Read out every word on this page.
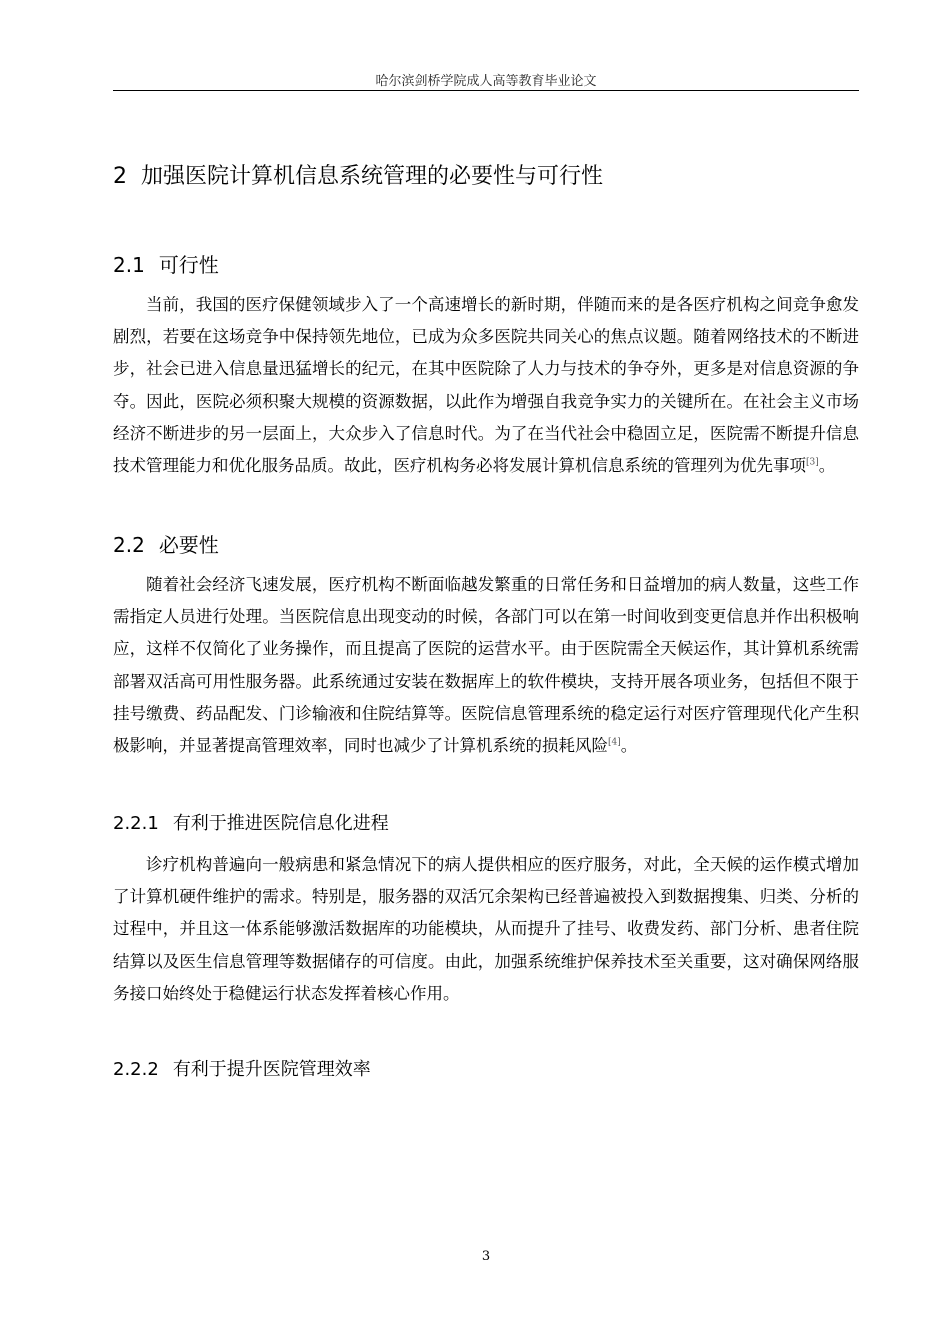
哈尔滨剑桥学院成人高等教育毕业论文
2 加强医院计算机信息系统管理的必要性与可行性
2.1 可行性
当前，我国的医疗保健领域步入了一个高速增长的新时期，伴随而来的是各医疗机构之间竞争愈发剧烈，若要在这场竞争中保持领先地位，已成为众多医院共同关心的焦点议题。随着网络技术的不断进步，社会已进入信息量迅猛增长的纪元，在其中医院除了人力与技术的争夺外，更多是对信息资源的争夺。因此，医院必须积聚大规模的资源数据，以此作为增强自我竞争实力的关键所在。在社会主义市场经济不断进步的另一层面上，大众步入了信息时代。为了在当代社会中稳固立足，医院需不断提升信息技术管理能力和优化服务品质。故此，医疗机构务必将发展计算机信息系统的管理列为优先事项[3]。
2.2 必要性
随着社会经济飞速发展，医疗机构不断面临越发繁重的日常任务和日益增加的病人数量，这些工作需指定人员进行处理。当医院信息出现变动的时候，各部门可以在第一时间收到变更信息并作出积极响应，这样不仅简化了业务操作，而且提高了医院的运营水平。由于医院需全天候运作，其计算机系统需部署双活高可用性服务器。此系统通过安装在数据库上的软件模块，支持开展各项业务，包括但不限于挂号缴费、药品配发、门诊输液和住院结算等。医院信息管理系统的稳定运行对医疗管理现代化产生积极影响，并显著提高管理效率，同时也减少了计算机系统的损耗风险[4]。
2.2.1 有利于推进医院信息化进程
诊疗机构普遍向一般病患和紧急情况下的病人提供相应的医疗服务，对此，全天候的运作模式增加了计算机硬件维护的需求。特别是，服务器的双活冗余架构已经普遍被投入到数据搜集、归类、分析的过程中，并且这一体系能够激活数据库的功能模块，从而提升了挂号、收费发药、部门分析、患者住院结算以及医生信息管理等数据储存的可信度。由此，加强系统维护保养技术至关重要，这对确保网络服务接口始终处于稳健运行状态发挥着核心作用。
2.2.2 有利于提升医院管理效率
3
